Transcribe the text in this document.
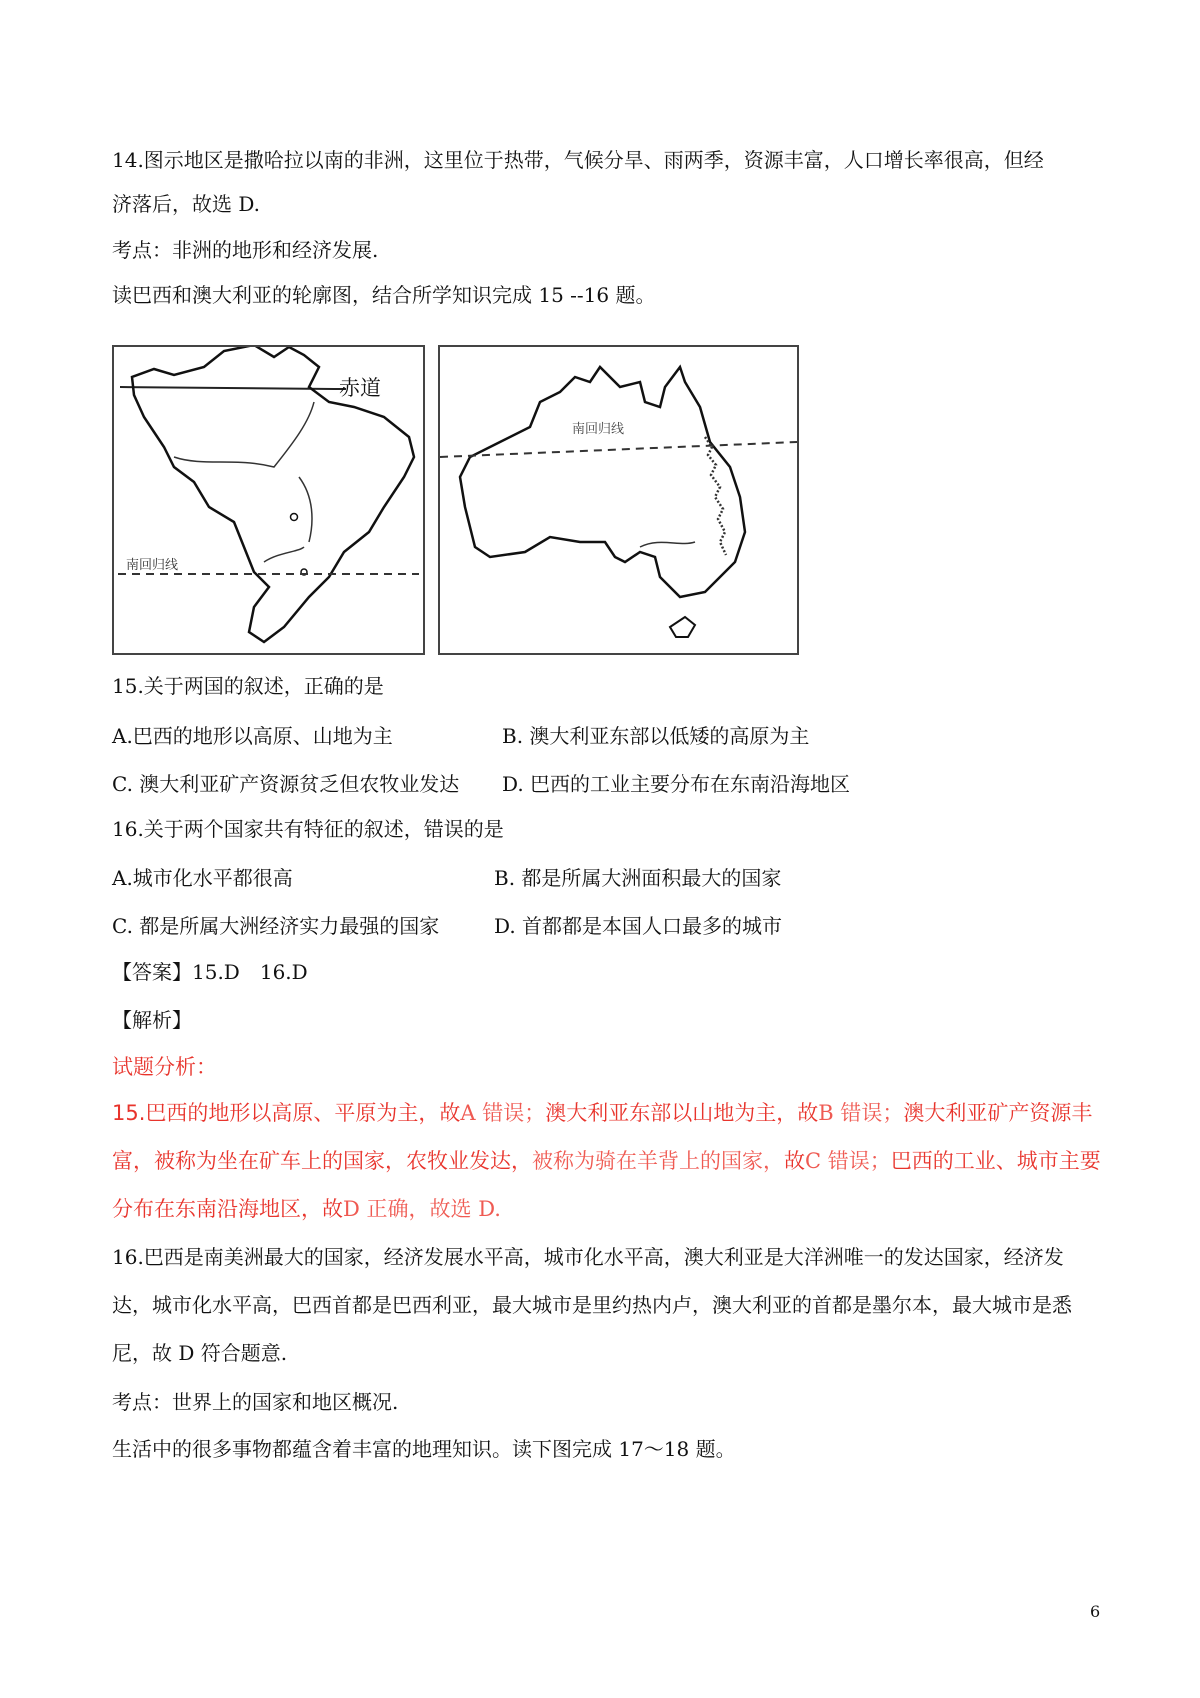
14.图示地区是撒哈拉以南的非洲，这里位于热带，气候分旱、雨两季，资源丰富，人口增长率很高，但经

济落后，故选 D.

考点：非洲的地形和经济发展.

读巴西和澳大利亚的轮廓图，结合所学知识完成 15 --16 题。

赤道
南回归线
南回归线

15.关于两国的叙述，正确的是

A.巴西的地形以高原、山地为主	B. 澳大利亚东部以低矮的高原为主
C. 澳大利亚矿产资源贫乏但农牧业发达 D. 巴西的工业主要分布在东南沿海地区

16.关于两个国家共有特征的叙述，错误的是

A.城市化水平都很高	B. 都是所属大洲面积最大的国家
C. 都是所属大洲经济实力最强的国家	D. 首都都是本国人口最多的城市

【答案】15.D　16.D

【解析】

试题分析：

15.巴西的地形以高原、平原为主，故A 错误；澳大利亚东部以山地为主，故B 错误；澳大利亚矿产资源丰富，被称为坐在矿车上的国家，农牧业发达，被称为骑在羊背上的国家，故C 错误；巴西的工业、城市主要分布在东南沿海地区，故D 正确，故选 D.

16.巴西是南美洲最大的国家，经济发展水平高，城市化水平高，澳大利亚是大洋洲唯一的发达国家，经济发达，城市化水平高，巴西首都是巴西利亚，最大城市是里约热内卢，澳大利亚的首都是墨尔本，最大城市是悉尼，故 D 符合题意.

考点：世界上的国家和地区概况.

生活中的很多事物都蕴含着丰富的地理知识。读下图完成 17～18 题。

6
